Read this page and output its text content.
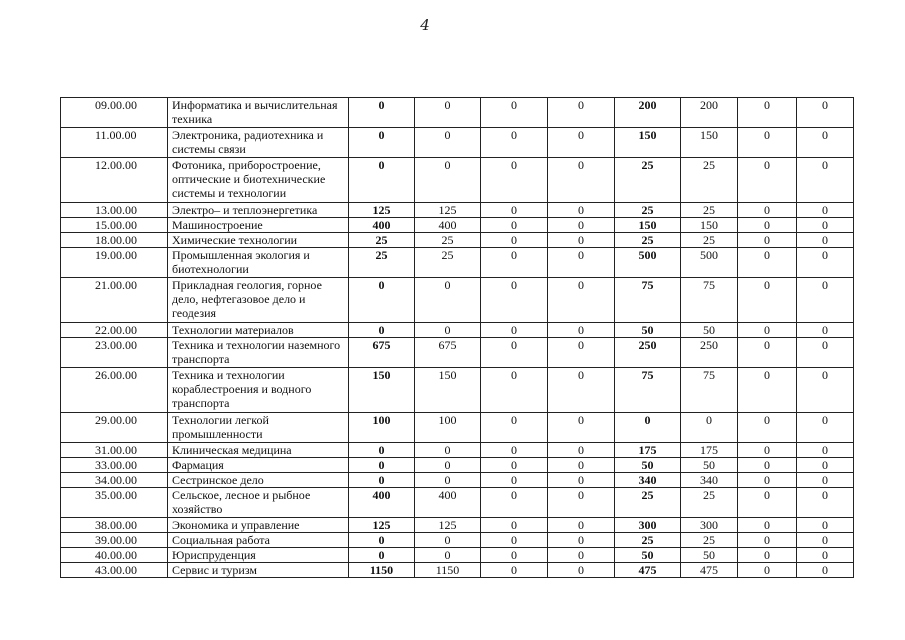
4
09.00.00	Информатика и вычислительная техника	0	0	0	0	200	200	0	0
11.00.00	Электроника, радиотехника и системы связи	0	0	0	0	150	150	0	0
12.00.00	Фотоника, приборостроение, оптические и биотехнические системы и технологии	0	0	0	0	25	25	0	0
13.00.00	Электро– и теплоэнергетика	125	125	0	0	25	25	0	0
15.00.00	Машиностроение	400	400	0	0	150	150	0	0
18.00.00	Химические технологии	25	25	0	0	25	25	0	0
19.00.00	Промышленная экология и биотехнологии	25	25	0	0	500	500	0	0
21.00.00	Прикладная геология, горное дело, нефтегазовое дело и геодезия	0	0	0	0	75	75	0	0
22.00.00	Технологии материалов	0	0	0	0	50	50	0	0
23.00.00	Техника и технологии наземного транспорта	675	675	0	0	250	250	0	0
26.00.00	Техника и технологии кораблестроения и водного транспорта	150	150	0	0	75	75	0	0
29.00.00	Технологии легкой промышленности	100	100	0	0	0	0	0	0
31.00.00	Клиническая медицина	0	0	0	0	175	175	0	0
33.00.00	Фармация	0	0	0	0	50	50	0	0
34.00.00	Сестринское дело	0	0	0	0	340	340	0	0
35.00.00	Сельское, лесное и рыбное хозяйство	400	400	0	0	25	25	0	0
38.00.00	Экономика и управление	125	125	0	0	300	300	0	0
39.00.00	Социальная работа	0	0	0	0	25	25	0	0
40.00.00	Юриспруденция	0	0	0	0	50	50	0	0
43.00.00	Сервис и туризм	1150	1150	0	0	475	475	0	0
